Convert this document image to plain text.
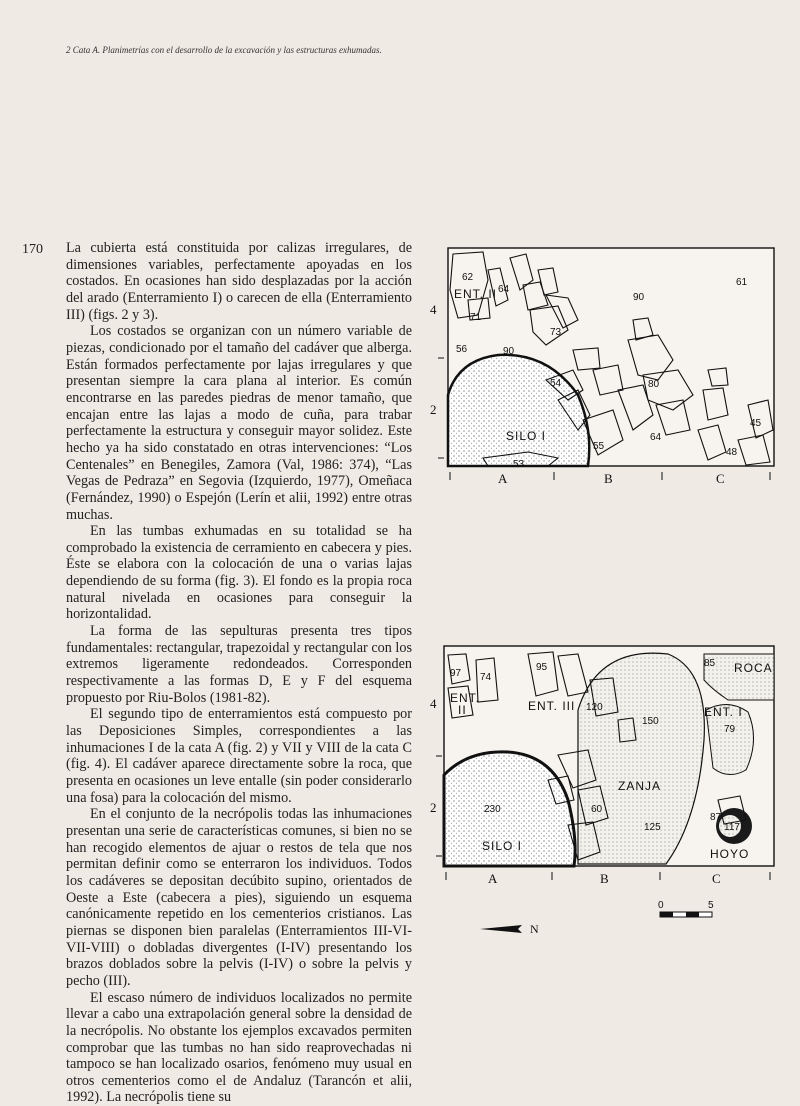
2 Cata A. Planimetrías con el desarrollo de la excavación y las estructuras exhumadas.
170 La cubierta está constituida por calizas irregulares, de dimensiones variables, perfectamente apoyadas en los costados. En ocasiones han sido desplazadas por la acción del arado (Enterramiento I) o carecen de ella (Enterramiento III) (figs. 2 y 3).

Los costados se organizan con un número variable de piezas, condicionado por el tamaño del cadáver que alberga. Están formados perfectamente por lajas irregulares y que presentan siempre la cara plana al interior. Es común encontrarse en las paredes piedras de menor tamaño, que encajan entre las lajas a modo de cuña, para trabar perfectamente la estructura y conseguir mayor solidez. Este hecho ya ha sido constatado en otras intervenciones: “Los Centenales” en Benegiles, Zamora (Val, 1986: 374), “Las Vegas de Pedraza” en Segovia (Izquierdo, 1977), Omeñaca (Fernández, 1990) o Espejón (Lerín et alii, 1992) entre otras muchas.

En las tumbas exhumadas en su totalidad se ha comprobado la existencia de cerramiento en cabecera y pies. Éste se elabora con la colocación de una o varias lajas dependiendo de su forma (fig. 3). El fondo es la propia roca natural nivelada en ocasiones para conseguir la horizontalidad.

La forma de las sepulturas presenta tres tipos fundamentales: rectangular, trapezoidal y rectangular con los extremos ligeramente redondeados. Corresponden respectivamente a las formas D, E y F del esquema propuesto por Riu-Bolos (1981-82).

El segundo tipo de enterramientos está compuesto por las Deposiciones Simples, correspondientes a las inhumaciones I de la cata A (fig. 2) y VII y VIII de la cata C (fig. 4). El cadáver aparece directamente sobre la roca, que presenta en ocasiones un leve entalle (sin poder considerarlo una fosa) para la colocación del mismo.

En el conjunto de la necrópolis todas las inhumaciones presentan una serie de características comunes, si bien no se han recogido elementos de ajuar o restos de tela que nos permitan definir como se enterraron los individuos. Todos los cadáveres se depositan decúbito supino, orientados de Oeste a Este (cabecera a pies), siguiendo un esquema canónicamente repetido en los cementerios cristianos. Las piernas se disponen bien paralelas (Enterramientos III-VI-VII-VIII) o dobladas divergentes (I-IV) presentando los brazos doblados sobre la pelvis (I-IV) o sobre la pelvis y pecho (III).

El escaso número de individuos localizados no permite llevar a cabo una extrapolación general sobre la densidad de la necrópolis. No obstante los ejemplos excavados permiten comprobar que las tumbas no han sido reaprovechadas ni tampoco se han localizado osarios, fenómeno muy usual en otros cementerios como el de Andaluz (Tarancón et alii, 1992). La necrópolis tiene su

62
ENT. II 64
71
56	90
90
61
73
54
53
55
80
64
48
45
SILO I
4
2
A	B	C
97 74
ENT.
II
95
ENT. III 120
150
85 ROCA
ENT. I
79
ZANJA
230	60
125
87
117
SILO I
HOYO
4
2
A	B	C
0	5
N
